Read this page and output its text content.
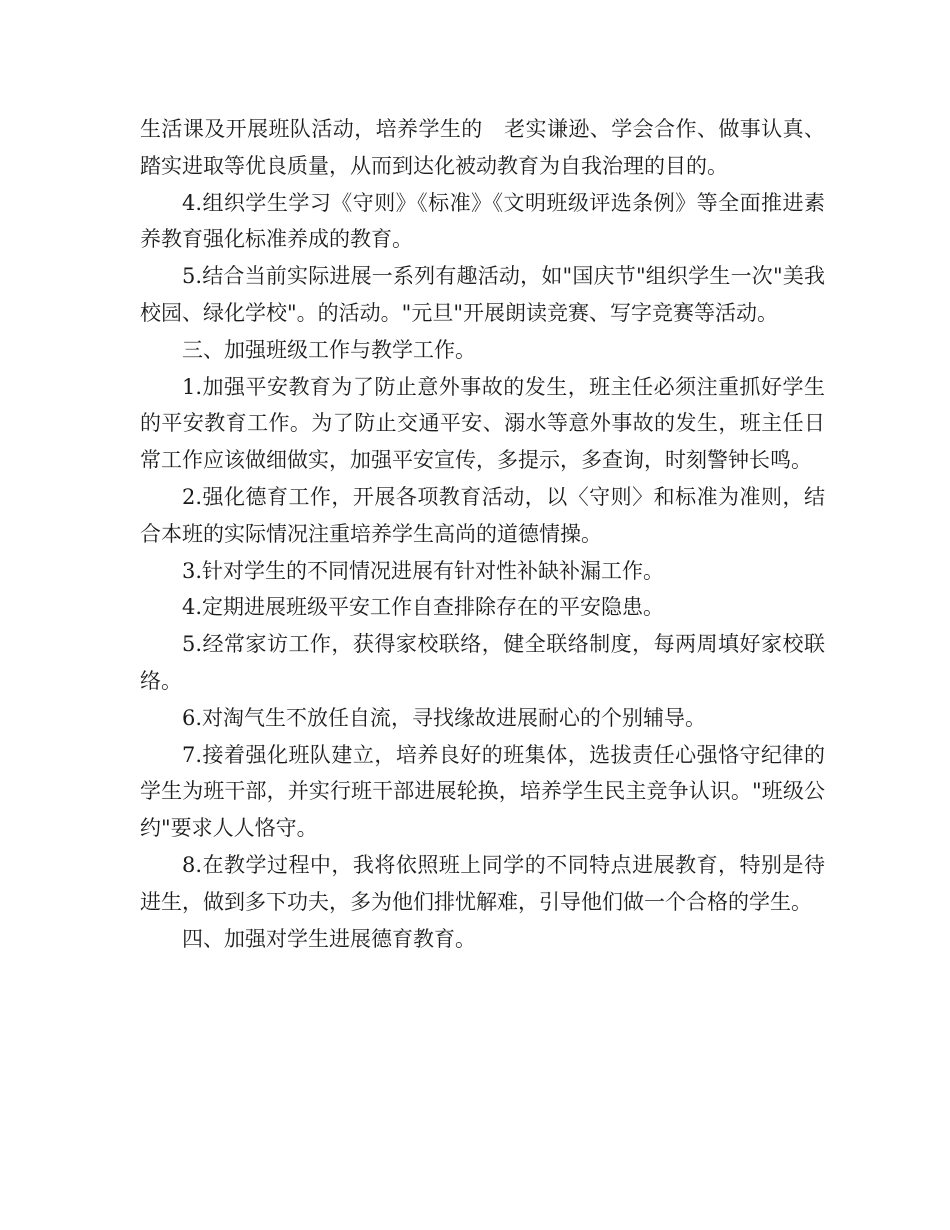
生活课及开展班队活动，培养学生的　老实谦逊、学会合作、做事认真、踏实进取等优良质量，从而到达化被动教育为自我治理的目的。

4.组织学生学习《守则》《标准》《文明班级评选条例》等全面推进素养教育强化标准养成的教育。

5.结合当前实际进展一系列有趣活动，如"国庆节"组织学生一次"美我校园、绿化学校"。的活动。"元旦"开展朗读竞赛、写字竞赛等活动。

三、加强班级工作与教学工作。

1.加强平安教育为了防止意外事故的发生，班主任必须注重抓好学生的平安教育工作。为了防止交通平安、溺水等意外事故的发生，班主任日常工作应该做细做实，加强平安宣传，多提示，多查询，时刻警钟长鸣。

2.强化德育工作，开展各项教育活动，以〈守则〉和标准为准则，结合本班的实际情况注重培养学生高尚的道德情操。

3.针对学生的不同情况进展有针对性补缺补漏工作。

4.定期进展班级平安工作自查排除存在的平安隐患。

5.经常家访工作，获得家校联络，健全联络制度，每两周填好家校联络。

6.对淘气生不放任自流，寻找缘故进展耐心的个别辅导。

7.接着强化班队建立，培养良好的班集体，选拔责任心强恪守纪律的学生为班干部，并实行班干部进展轮换，培养学生民主竞争认识。"班级公约"要求人人恪守。

8.在教学过程中，我将依照班上同学的不同特点进展教育，特别是待进生，做到多下功夫，多为他们排忧解难，引导他们做一个合格的学生。

四、加强对学生进展德育教育。
